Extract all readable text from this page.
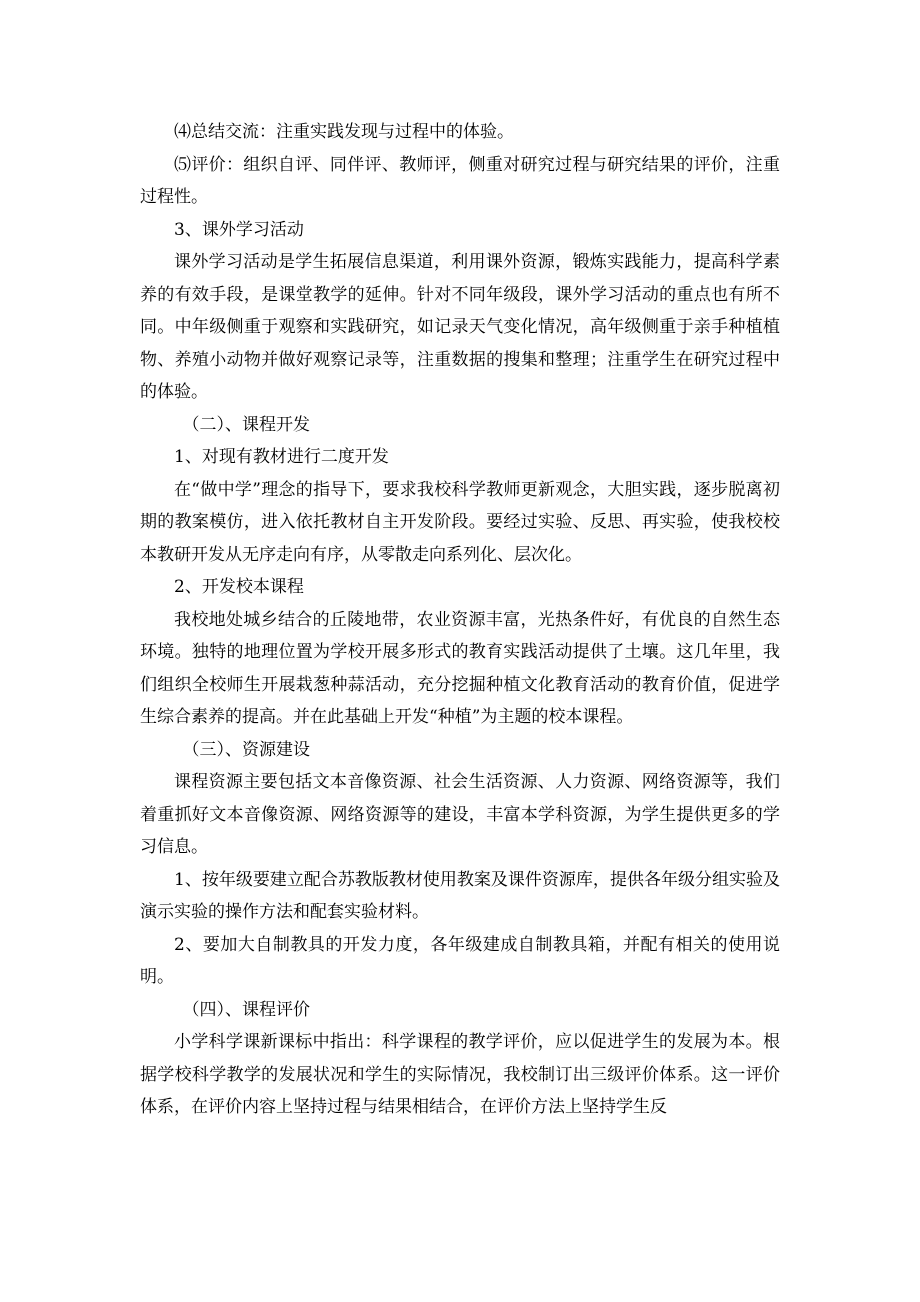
⑷总结交流：注重实践发现与过程中的体验。

⑸评价：组织自评、同伴评、教师评，侧重对研究过程与研究结果的评价，注重过程性。

3、课外学习活动

课外学习活动是学生拓展信息渠道，利用课外资源，锻炼实践能力，提高科学素养的有效手段，是课堂教学的延伸。针对不同年级段，课外学习活动的重点也有所不同。中年级侧重于观察和实践研究，如记录天气变化情况，高年级侧重于亲手种植植物、养殖小动物并做好观察记录等，注重数据的搜集和整理；注重学生在研究过程中的体验。

（二）、课程开发

1、对现有教材进行二度开发

在“做中学”理念的指导下，要求我校科学教师更新观念，大胆实践，逐步脱离初期的教案模仿，进入依托教材自主开发阶段。要经过实验、反思、再实验，使我校校本教研开发从无序走向有序，从零散走向系列化、层次化。

2、开发校本课程

我校地处城乡结合的丘陵地带，农业资源丰富，光热条件好，有优良的自然生态环境。独特的地理位置为学校开展多形式的教育实践活动提供了土壤。这几年里，我们组织全校师生开展栽葱种蒜活动，充分挖掘种植文化教育活动的教育价值，促进学生综合素养的提高。并在此基础上开发“种植”为主题的校本课程。

（三）、资源建设

课程资源主要包括文本音像资源、社会生活资源、人力资源、网络资源等，我们着重抓好文本音像资源、网络资源等的建设，丰富本学科资源，为学生提供更多的学习信息。

1、按年级要建立配合苏教版教材使用教案及课件资源库，提供各年级分组实验及演示实验的操作方法和配套实验材料。

2、要加大自制教具的开发力度，各年级建成自制教具箱，并配有相关的使用说明。

（四）、课程评价

小学科学课新课标中指出：科学课程的教学评价，应以促进学生的发展为本。根据学校科学教学的发展状况和学生的实际情况，我校制订出三级评价体系。这一评价体系，在评价内容上坚持过程与结果相结合，在评价方法上坚持学生反
